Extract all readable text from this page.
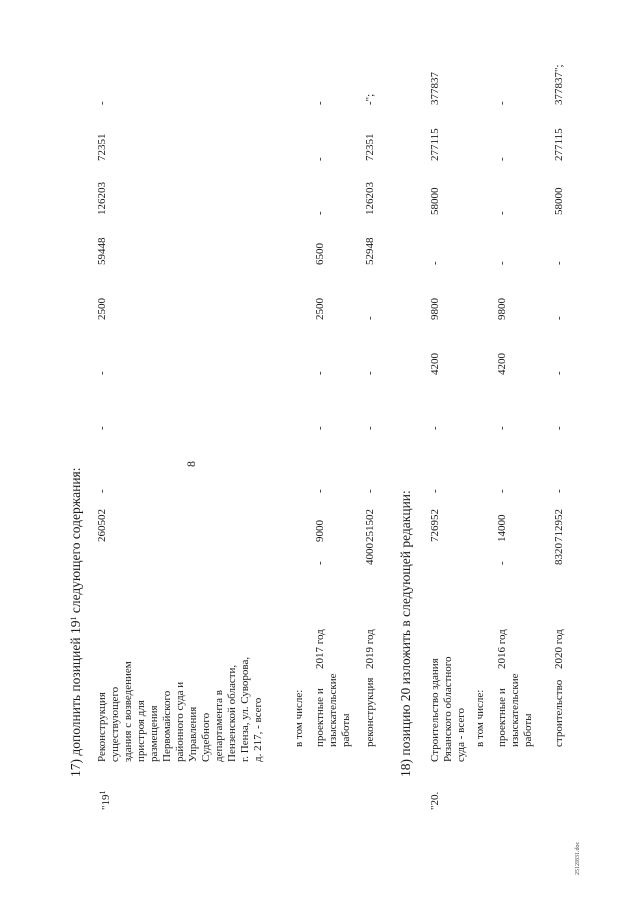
8
17) дополнить позицией $19^1$ следующего содержания:	18) позицию 20 изложить в следующей редакции:
2512I831.doc
"$19^1$
Реконструкция
существующего
здания с возведением
пристроя для
размещения
Первомайского
районного суда и
Управления
Судебного
департамента в
Пензенской области,
г. Пенза, ул. Суворова,
д. 217, - всего
260502
-
-
-
2500
59448
126203
72351
-
в том числе: проектные и
изыскательские
работы
2017 год
-
9000
-
-
-
2500
6500
-
-
-
реконструкция
2019 год
4000
251502
-
-
-
-
52948
126203
72351
-";
"20.
Строительство здания
Рязанского областного
суда - всего
726952
-
-
4200
9800
-
58000
277115
377837
в том числе: проектные и
изыскательские
работы
2016 год
-
14000
-
-
4200
9800
-
-
-
-
строительство
2020 год
8320
712952
-
-
-
-
-
58000
277115
377837";
